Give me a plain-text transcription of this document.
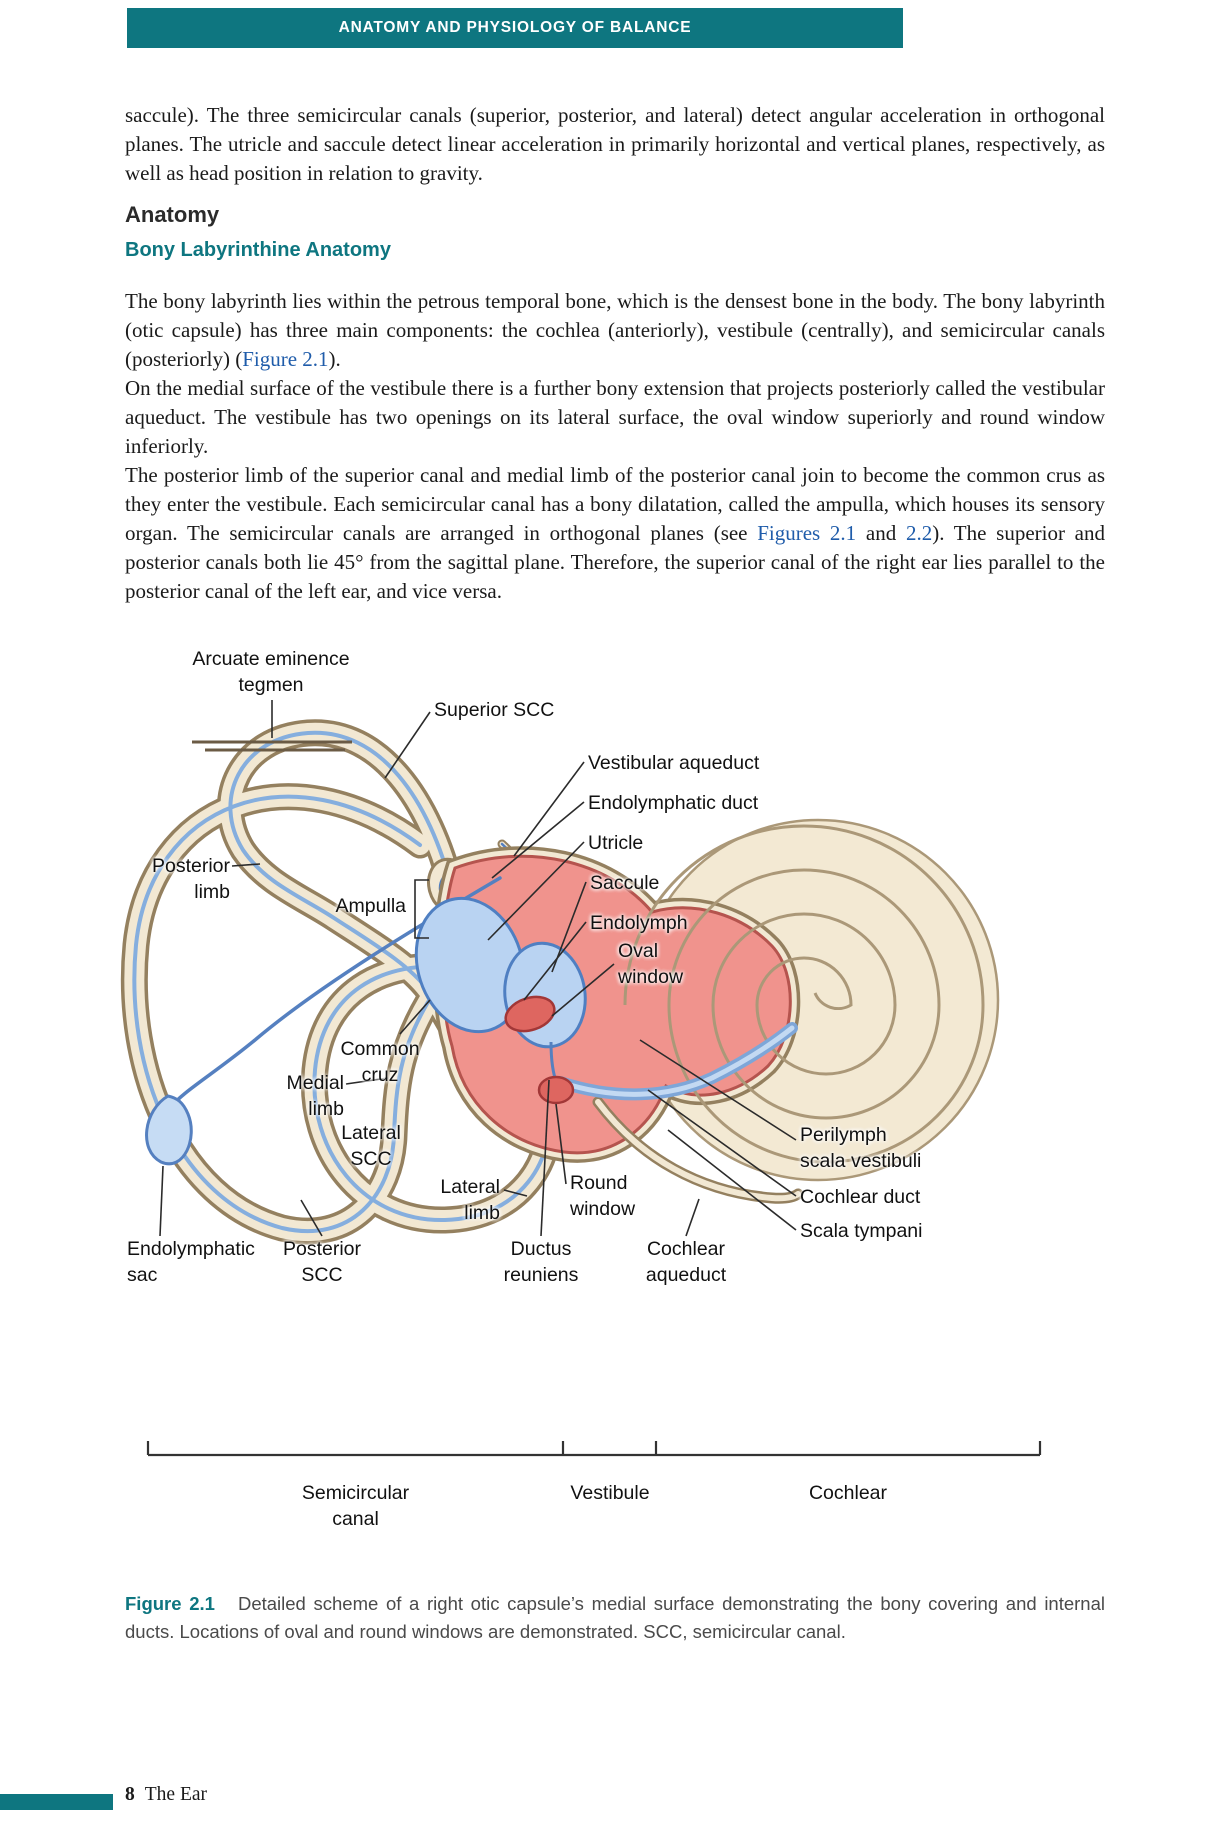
ANATOMY AND PHYSIOLOGY OF BALANCE

saccule). The three semicircular canals (superior, posterior, and lateral) detect angular acceleration in orthogonal planes. The utricle and saccule detect linear acceleration in primarily horizontal and vertical planes, respectively, as well as head position in relation to gravity.

Anatomy
Bony Labyrinthine Anatomy

The bony labyrinth lies within the petrous temporal bone, which is the densest bone in the body. The bony labyrinth (otic capsule) has three main components: the cochlea (anteriorly), vestibule (centrally), and semicircular canals (posteriorly) (Figure 2.1).

On the medial surface of the vestibule there is a further bony extension that projects posteriorly called the vestibular aqueduct. The vestibule has two openings on its lateral surface, the oval window superiorly and round window inferiorly.

The posterior limb of the superior canal and medial limb of the posterior canal join to become the common crus as they enter the vestibule. Each semicircular canal has a bony dilatation, called the ampulla, which houses its sensory organ. The semicircular canals are arranged in orthogonal planes (see Figures 2.1 and 2.2). The superior and posterior canals both lie 45° from the sagittal plane. Therefore, the superior canal of the right ear lies parallel to the posterior canal of the left ear, and vice versa.

Arcuate eminence
tegmen
Superior SCC
Vestibular aqueduct
Endolymphatic duct
Utricle
Saccule
Endolymph
Oval
window
Posterior
limb
Ampulla
Common
cruz
Medial
limb
Lateral
SCC
Lateral
limb
Round
window
Perilymph
scala vestibuli
Cochlear duct
Scala tympani
Endolymphatic
sac
Posterior
SCC
Ductus
reuniens
Cochlear
aqueduct
Semicircular
canal
Vestibule	Cochlear
Figure 2.1 Detailed scheme of a right otic capsule’s medial surface demonstrating the bony covering and internal ducts. Locations of oval and round windows are demonstrated. SCC, semicircular canal.
8 The Ear
